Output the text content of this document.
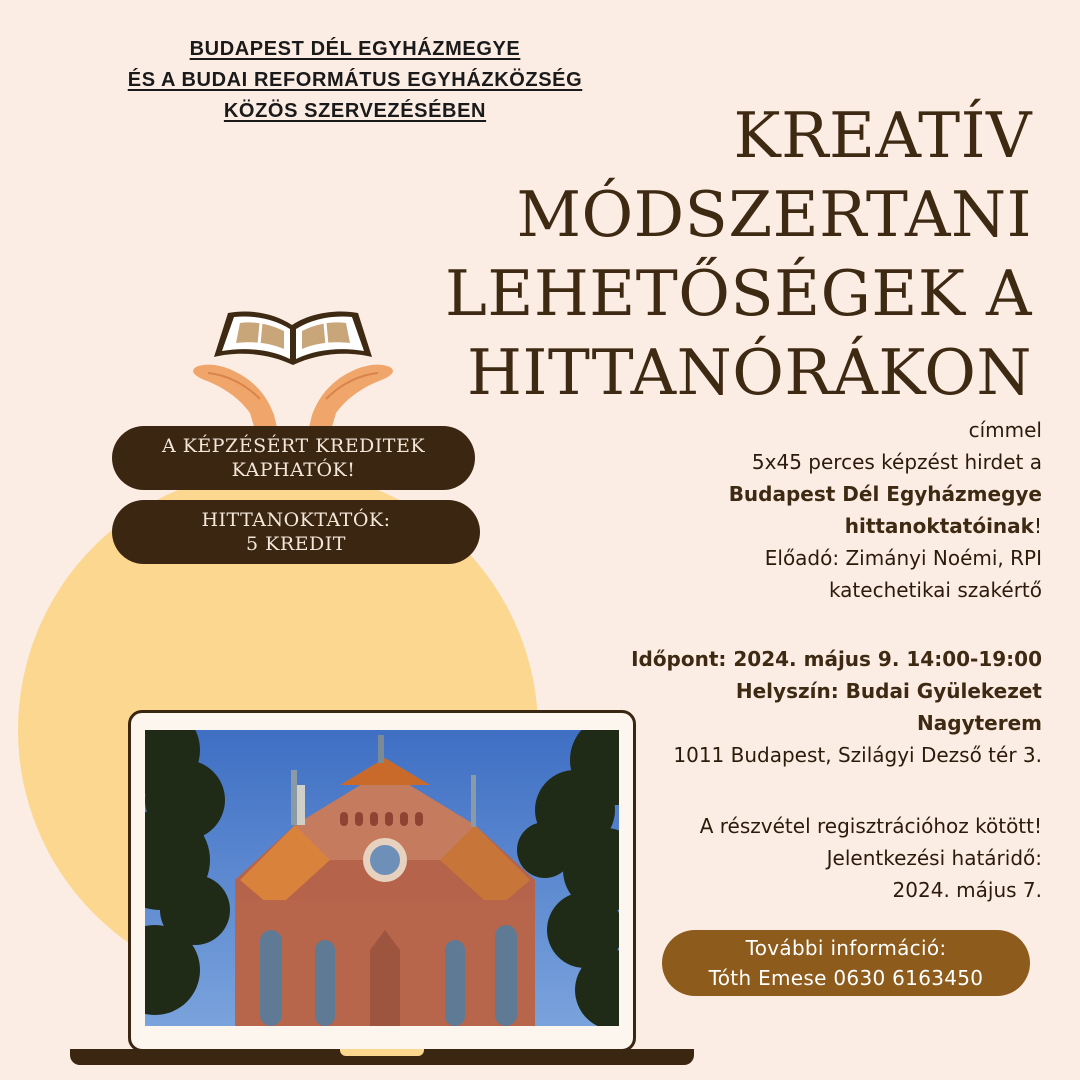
BUDAPEST DÉL EGYHÁZMEGYE
ÉS A BUDAI REFORMÁTUS EGYHÁZKÖZSÉG
KÖZÖS SZERVEZÉSÉBEN	KREATÍV
MÓDSZERTANI
LEHETŐSÉGEK A
HITTANÓRÁKON
A KÉPZÉSÉRT KREDITEK
KAPHATÓK!
HITTANOKTATÓK:
5 KREDIT
címmel
5x45 perces képzést hirdet a
Budapest Dél Egyházmegye
hittanoktatóinak!
Előadó: Zimányi Noémi, RPI
katechetikai szakértő
Időpont: 2024. május 9. 14:00-19:00
Helyszín: Budai Gyülekezet
Nagyterem
1011 Budapest, Szilágyi Dezső tér 3.
A részvétel regisztrációhoz kötött!
Jelentkezési határidő:
2024. május 7.
További információ:
Tóth Emese 0630 6163450
